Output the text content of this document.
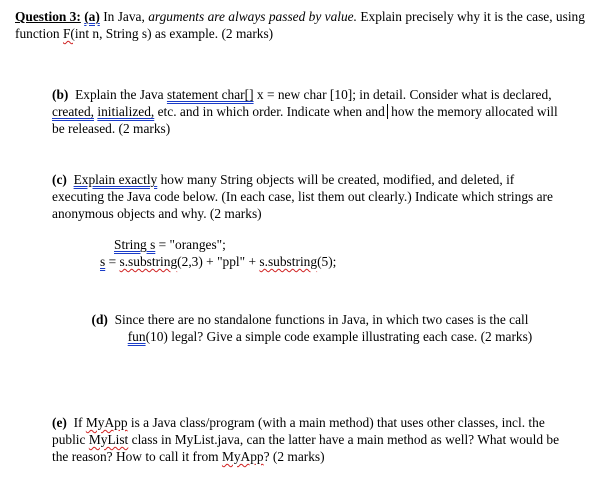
Question 3: (a) In Java, arguments are always passed by value. Explain precisely why it is the case, using function F(int n, String s) as example. (2 marks)

(b) Explain the Java statement char[] x = new char [10]; in detail. Consider what is declared, created, initialized, etc. and in which order. Indicate when and how the memory allocated will be released. (2 marks)

(c) Explain exactly how many String objects will be created, modified, and deleted, if executing the Java code below. (In each case, list them out clearly.) Indicate which strings are anonymous objects and why. (2 marks)

String s = "oranges";
s = s.substring(2,3) + "ppl" + s.substring(5);
(d) Since there are no standalone functions in Java, in which two cases is the call
fun(10) legal? Give a simple code example illustrating each case. (2 marks)

(e) If MyApp is a Java class/program (with a main method) that uses other classes, incl. the public MyList class in MyList.java, can the latter have a main method as well? What would be the reason? How to call it from MyApp? (2 marks)
